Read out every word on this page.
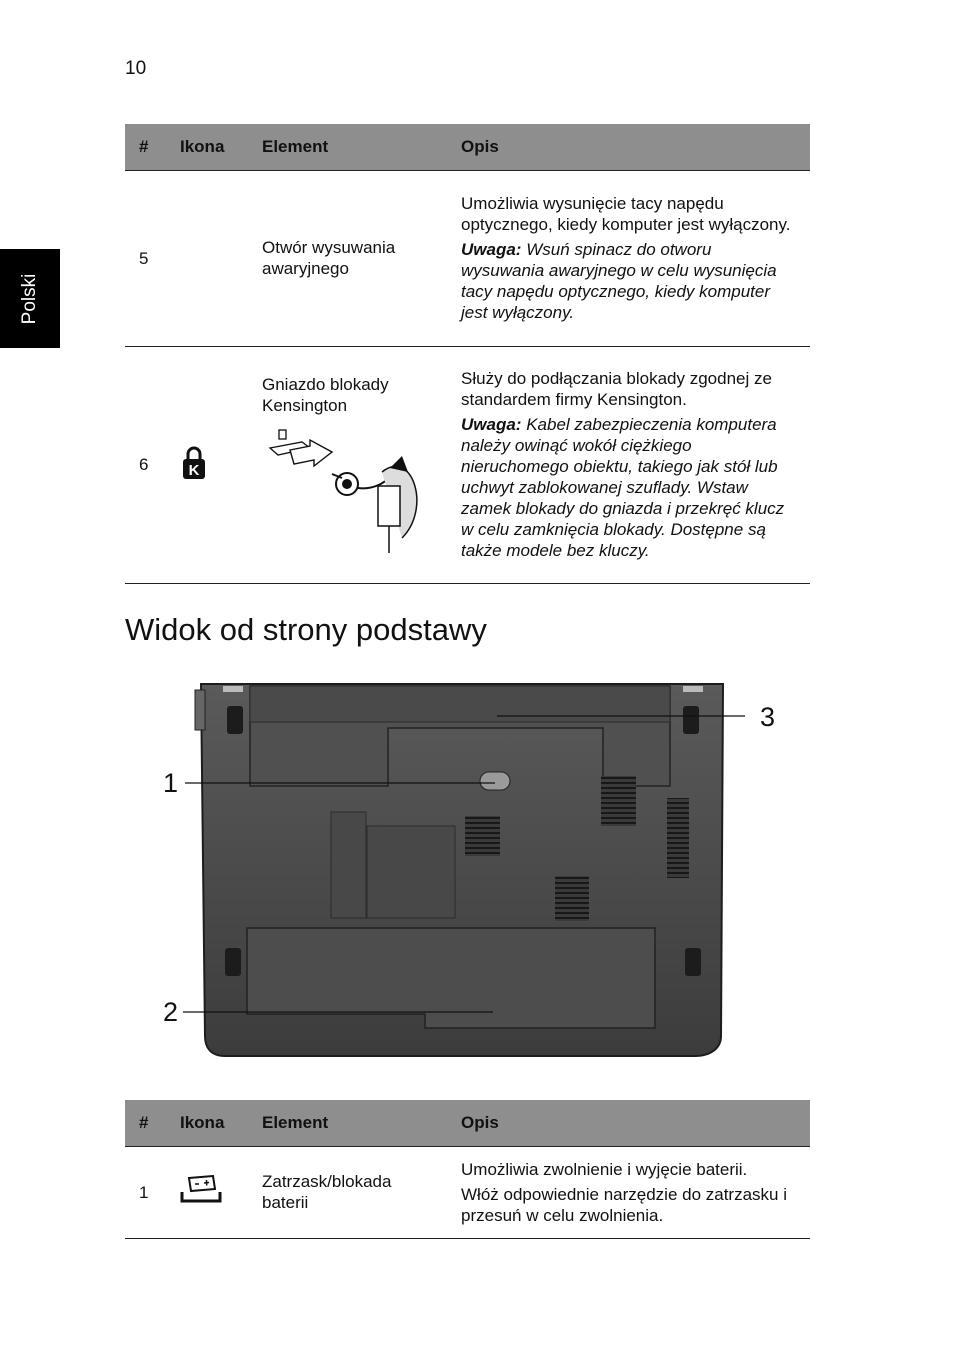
10
Polski
#	Ikona	Element	Opis
5		Otwór wysuwania awaryjnego	Umożliwia wysunięcie tacy napędu optycznego, kiedy komputer jest wyłączony.

Uwaga: Wsuń spinacz do otworu wysuwania awaryjnego w celu wysunięcia tacy napędu optycznego, kiedy komputer jest wyłączony.

6	K	Gniazdo blokady Kensington	Służy do podłączania blokady zgodnej ze standardem firmy Kensington.

Uwaga: Kabel zabezpieczenia komputera należy owinąć wokół ciężkiego nieruchomego obiektu, takiego jak stół lub uchwyt zablokowanej szuflady. Wstaw zamek blokady do gniazda i przekręć klucz w celu zamknięcia blokady. Dostępne są także modele bez kluczy.

Widok od strony podstawy
1
2
3
#	Ikona	Element	Opis
1		Zatrzask/blokada baterii	Umożliwia zwolnienie i wyjęcie baterii.

Włóż odpowiednie narzędzie do zatrzasku i przesuń w celu zwolnienia.
